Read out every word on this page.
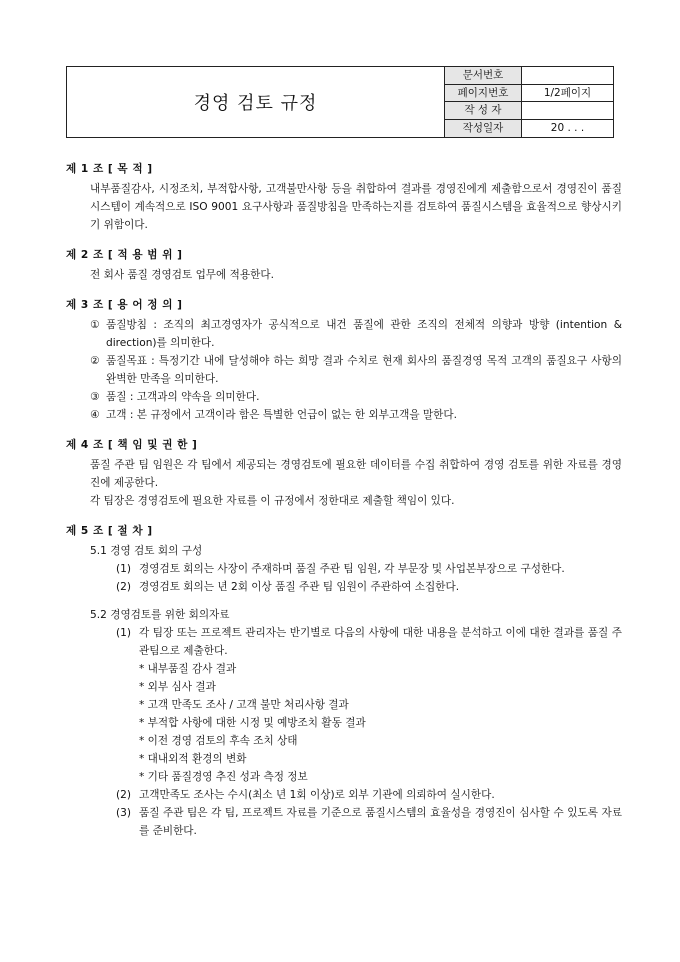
경영 검토 규정
문서번호
페이지번호	1/2페이지
작 성 자
작성일자	20 . . .
제 1 조 [ 목 적 ]
내부품질감사, 시정조치, 부적합사항, 고객불만사항 등을 취합하여 결과를 경영진에게 제출함으로서 경영진이 품질시스템이 계속적으로 ISO 9001 요구사항과 품질방침을 만족하는지를 검토하여 품질시스템을 효율적으로 향상시키기 위함이다.
제 2 조 [ 적 용 범 위 ]
전 회사 품질 경영검토 업무에 적용한다.
제 3 조 [ 용 어 정 의 ]
① 품질방침 : 조직의 최고경영자가 공식적으로 내건 품질에 관한 조직의 전체적 의향과 방향 (intention & direction)를 의미한다.
② 품질목표 : 특정기간 내에 달성해야 하는 희망 결과 수치로 현재 회사의 품질경영 목적 고객의 품질요구 사항의 완벽한 만족을 의미한다.
③ 품질 : 고객과의 약속을 의미한다.
④ 고객 : 본 규정에서 고객이라 함은 특별한 언급이 없는 한 외부고객을 말한다.
제 4 조 [ 책 임 및 권 한 ]
품질 주관 팀 임원은 각 팀에서 제공되는 경영검토에 필요한 데이터를 수집 취합하여 경영 검토를 위한 자료를 경영진에 제공한다.
각 팀장은 경영검토에 필요한 자료를 이 규정에서 정한대로 제출할 책임이 있다.
제 5 조 [ 절 차 ]
5.1 경영 검토 회의 구성
(1) 경영검토 회의는 사장이 주재하며 품질 주관 팀 임원, 각 부문장 및 사업본부장으로 구성한다.
(2) 경영검토 회의는 년 2회 이상 품질 주관 팀 임원이 주관하여 소집한다.
5.2 경영검토를 위한 회의자료
(1) 각 팀장 또는 프로젝트 관리자는 반기별로 다음의 사항에 대한 내용을 분석하고 이에 대한 결과를 품질 주관팀으로 제출한다.
* 내부품질 감사 결과
* 외부 심사 결과
* 고객 만족도 조사 / 고객 불만 처리사항 결과
* 부적합 사항에 대한 시정 및 예방조치 활동 결과
* 이전 경영 검토의 후속 조치 상태
* 대내외적 환경의 변화
* 기타 품질경영 추진 성과 측정 정보
(2) 고객만족도 조사는 수시(최소 년 1회 이상)로 외부 기관에 의뢰하여 실시한다.
(3) 품질 주관 팀은 각 팀, 프로젝트 자료를 기준으로 품질시스템의 효율성을 경영진이 심사할 수 있도록 자료를 준비한다.
